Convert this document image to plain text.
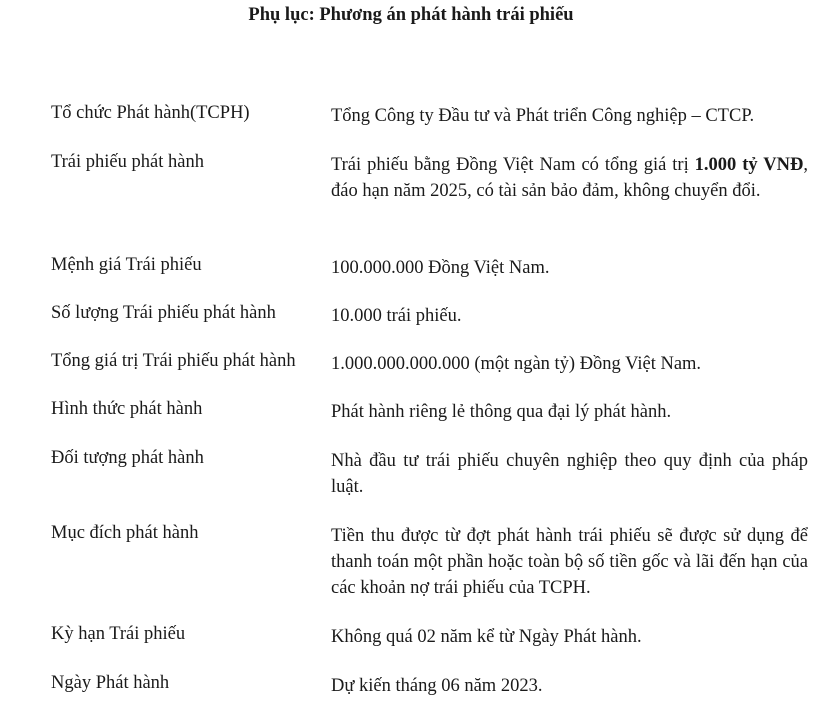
Phụ lục: Phương án phát hành trái phiếu
Tổ chức Phát hành(TCPH)	Tổng Công ty Đầu tư và Phát triển Công nghiệp – CTCP.
Trái phiếu phát hành	Trái phiếu bằng Đồng Việt Nam có tổng giá trị 1.000 tỷ VNĐ, đáo hạn năm 2025, có tài sản bảo đảm, không chuyển đổi.
Mệnh giá Trái phiếu	100.000.000 Đồng Việt Nam.
Số lượng Trái phiếu phát hành	10.000 trái phiếu.
Tổng giá trị Trái phiếu phát hành 1.000.000.000.000 (một ngàn tỷ) Đồng Việt Nam.
Hình thức phát hành	Phát hành riêng lẻ thông qua đại lý phát hành.
Đối tượng phát hành	Nhà đầu tư trái phiếu chuyên nghiệp theo quy định của pháp luật.
Mục đích phát hành	Tiền thu được từ đợt phát hành trái phiếu sẽ được sử dụng để thanh toán một phần hoặc toàn bộ số tiền gốc và lãi đến hạn của các khoản nợ trái phiếu của TCPH.
Kỳ hạn Trái phiếu	Không quá 02 năm kể từ Ngày Phát hành.
Ngày Phát hành	Dự kiến tháng 06 năm 2023.
